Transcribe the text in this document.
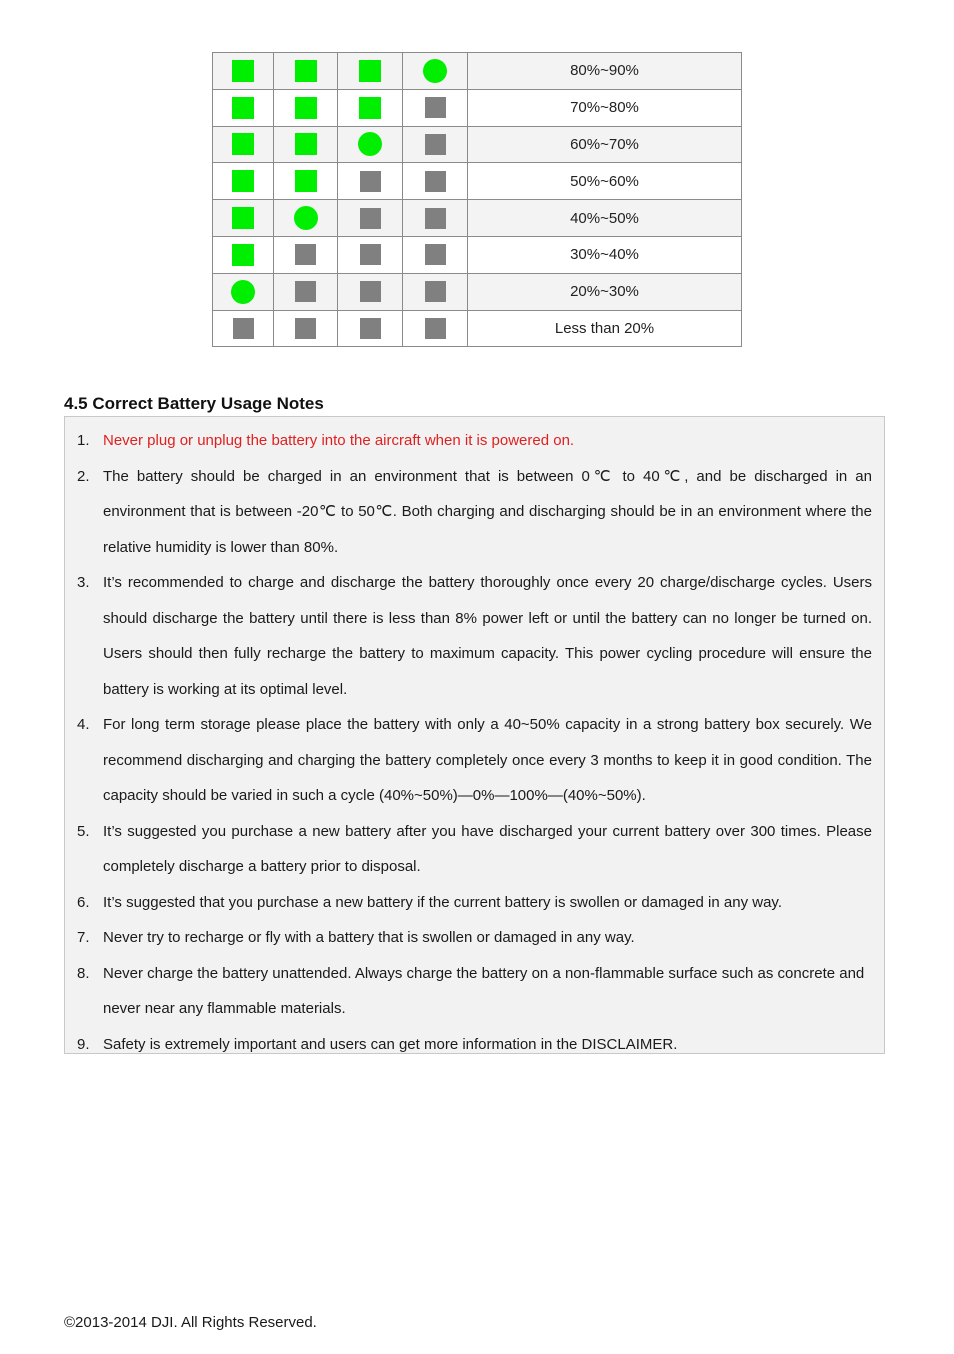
				80%~90%
				70%~80%
				60%~70%
				50%~60%
				40%~50%
				30%~40%
				20%~30%
				Less than 20%
4.5 Correct Battery Usage Notes
1. Never plug or unplug the battery into the aircraft when it is powered on.
2. The battery should be charged in an environment that is between 0℃ to 40℃, and be discharged in an environment that is between -20℃ to 50℃. Both charging and discharging should be in an environment where the relative humidity is lower than 80%.
3. It’s recommended to charge and discharge the battery thoroughly once every 20 charge/discharge cycles. Users should discharge the battery until there is less than 8% power left or until the battery can no longer be turned on. Users should then fully recharge the battery to maximum capacity. This power cycling procedure will ensure the battery is working at its optimal level.
4. For long term storage please place the battery with only a 40~50% capacity in a strong battery box securely. We recommend discharging and charging the battery completely once every 3 months to keep it in good condition. The capacity should be varied in such a cycle (40%~50%)—0%—100%—(40%~50%).
5. It’s suggested you purchase a new battery after you have discharged your current battery over 300 times. Please completely discharge a battery prior to disposal.
6. It’s suggested that you purchase a new battery if the current battery is swollen or damaged in any way.
7. Never try to recharge or fly with a battery that is swollen or damaged in any way.
8. Never charge the battery unattended. Always charge the battery on a non-flammable surface such as concrete and never near any flammable materials.
9. Safety is extremely important and users can get more information in the DISCLAIMER.
©2013-2014 DJI. All Rights Reserved.
